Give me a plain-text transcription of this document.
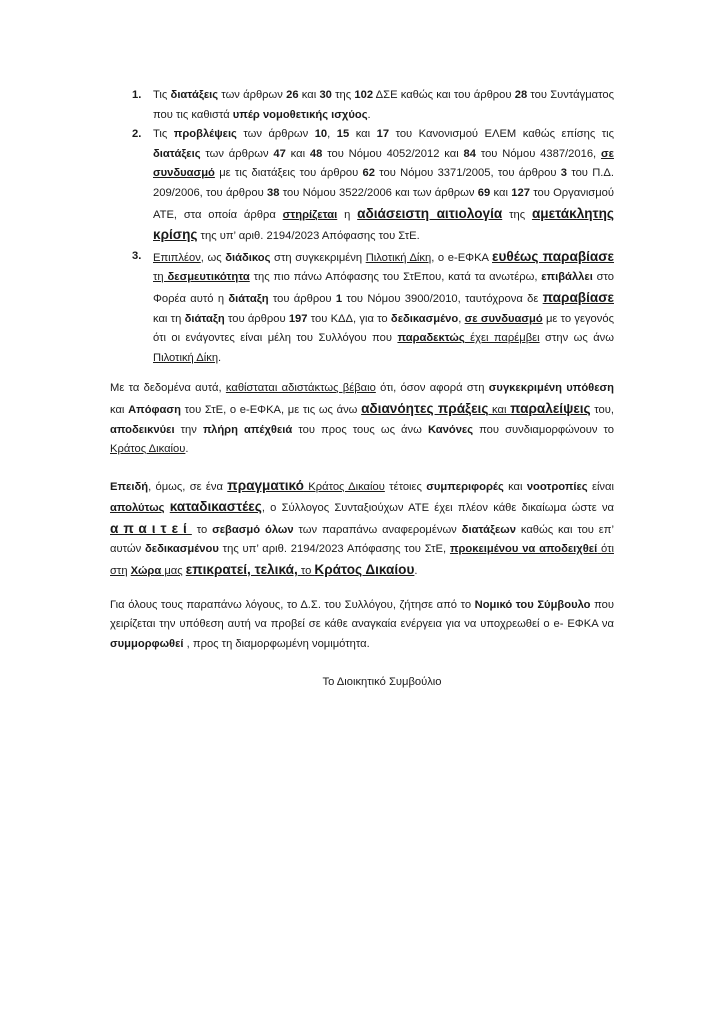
1. Τις διατάξεις των άρθρων 26 και 30 της 102 ΔΣΕ καθώς και του άρθρου 28 του Συντάγματος που τις καθιστά υπέρ νομοθετικής ισχύος.
2. Τις προβλέψεις των άρθρων 10, 15 και 17 του Κανονισμού ΕΛΕΜ καθώς επίσης τις διατάξεις των άρθρων 47 και 48 του Νόμου 4052/2012 και 84 του Νόμου 4387/2016, σε συνδυασμό με τις διατάξεις του άρθρου 62 του Νόμου 3371/2005, του άρθρου 3 του Π.Δ. 209/2006, του άρθρου 38 του Νόμου 3522/2006 και των άρθρων 69 και 127 του Οργανισμού ΑΤΕ, στα οποία άρθρα στηρίζεται η αδιάσειστη αιτιολογία της αμετάκλητης κρίσης της υπ’ αριθ. 2194/2023 Απόφασης του ΣτΕ.
3. Επιπλέον, ως διάδικος στη συγκεκριμένη Πιλοτική Δίκη, ο e-ΕΦΚΑ ευθέως παραβίασε τη δεσμευτικότητα της πιο πάνω Απόφασης του ΣτΕπου, κατά τα ανωτέρω, επιβάλλει στο Φορέα αυτό η διάταξη του άρθρου 1 του Νόμου 3900/2010, ταυτόχρονα δε παραβίασε και τη διάταξη του άρθρου 197 του ΚΔΔ, για το δεδικασμένο, σε συνδυασμό με το γεγονός ότι οι ενάγοντες είναι μέλη του Συλλόγου που παραδεκτώς έχει παρέμβει στην ως άνω Πιλοτική Δίκη.

Με τα δεδομένα αυτά, καθίσταται αδιστάκτως βέβαιο ότι, όσον αφορά στη συγκεκριμένη υπόθεση και Απόφαση του ΣτΕ, ο e-ΕΦΚΑ, με τις ως άνω αδιανόητες πράξεις και παραλείψεις του, αποδεικνύει την πλήρη απέχθειά του προς τους ως άνω Κανόνες που συνδιαμορφώνουν το Κράτος Δικαίου.

Επειδή, όμως, σε ένα πραγματικό Κράτος Δικαίου τέτοιες συμπεριφορές και νοοτροπίες είναι απολύτως καταδικαστέες, ο Σύλλογος Συνταξιούχων ΑΤΕ έχει πλέον κάθε δικαίωμα ώστε να απαιτεί το σεβασμό όλων των παραπάνω αναφερομένων διατάξεων καθώς και του επ’ αυτών δεδικασμένου της υπ’ αριθ. 2194/2023 Απόφασης του ΣτΕ, προκειμένου να αποδειχθεί ότι στη Χώρα μας επικρατεί, τελικά, το Κράτος Δικαίου.

Για όλους τους παραπάνω λόγους, το Δ.Σ. του Συλλόγου, ζήτησε από το Νομικό του Σύμβουλο που χειρίζεται την υπόθεση αυτή να προβεί σε κάθε αναγκαία ενέργεια για να υποχρεωθεί ο e- ΕΦΚΑ να συμμορφωθεί , προς τη διαμορφωμένη νομιμότητα.

Το Διοικητικό Συμβούλιο
